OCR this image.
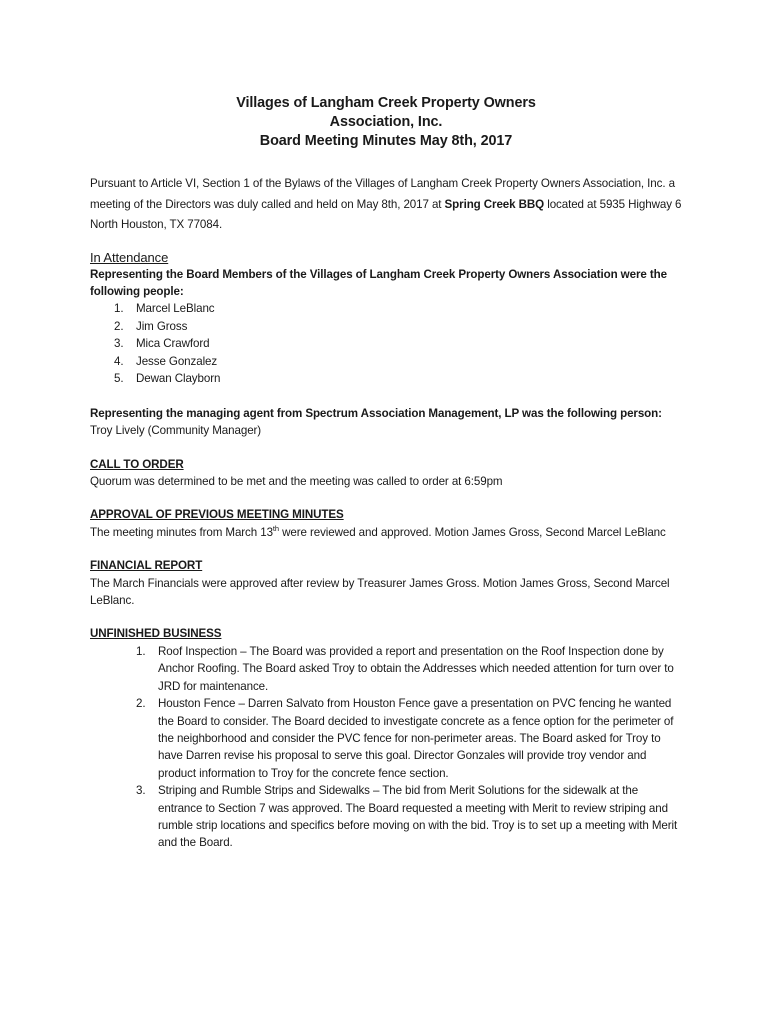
Villages of Langham Creek Property Owners
Association, Inc.
Board Meeting Minutes May 8th, 2017

Pursuant to Article VI, Section 1 of the Bylaws of the Villages of Langham Creek Property Owners Association, Inc. a meeting of the Directors was duly called and held on May 8th, 2017 at Spring Creek BBQ located at 5935 Highway 6 North Houston, TX 77084.

In Attendance

Representing the Board Members of the Villages of Langham Creek Property Owners Association were the following people:

1. Marcel LeBlanc
2. Jim Gross
3. Mica Crawford
4. Jesse Gonzalez
5. Dewan Clayborn

Representing the managing agent from Spectrum Association Management, LP was the following person:

Troy Lively (Community Manager)

CALL TO ORDER

Quorum was determined to be met and the meeting was called to order at 6:59pm

APPROVAL OF PREVIOUS MEETING MINUTES

The meeting minutes from March 13th were reviewed and approved. Motion James Gross, Second Marcel LeBlanc

FINANCIAL REPORT

The March Financials were approved after review by Treasurer James Gross. Motion James Gross, Second Marcel LeBlanc.

UNFINISHED BUSINESS

1. Roof Inspection – The Board was provided a report and presentation on the Roof Inspection done by Anchor Roofing. The Board asked Troy to obtain the Addresses which needed attention for turn over to JRD for maintenance.
2. Houston Fence – Darren Salvato from Houston Fence gave a presentation on PVC fencing he wanted the Board to consider. The Board decided to investigate concrete as a fence option for the perimeter of the neighborhood and consider the PVC fence for non-perimeter areas. The Board asked for Troy to have Darren revise his proposal to serve this goal. Director Gonzales will provide troy vendor and product information to Troy for the concrete fence section.
3. Striping and Rumble Strips and Sidewalks – The bid from Merit Solutions for the sidewalk at the entrance to Section 7 was approved. The Board requested a meeting with Merit to review striping and rumble strip locations and specifics before moving on with the bid. Troy is to set up a meeting with Merit and the Board.
